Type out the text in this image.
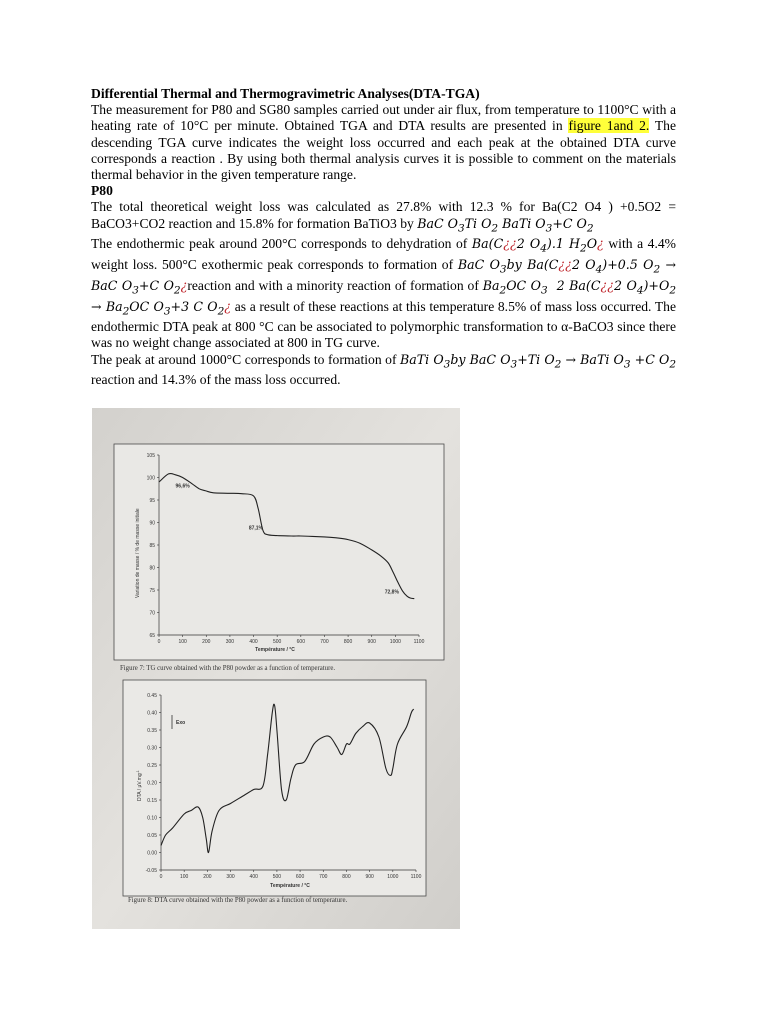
Differential Thermal and Thermogravimetric Analyses(DTA-TGA)

The measurement for P80 and SG80 samples carried out under air flux, from temperature to 1100°C with a heating rate of 10°C per minute. Obtained TGA and DTA results are presented in figure 1and 2. The descending TGA curve indicates the weight loss occurred and each peak at the obtained DTA curve corresponds a reaction . By using both thermal analysis curves it is possible to comment on the materials thermal behavior in the given temperature range.

P80

The total theoretical weight loss was calculated as 27.8% with 12.3 % for Ba(C2 O4 ) +0.5O2 = BaCO3+CO2 reaction and 15.8% for formation BaTiO3 by BaC $O_3Ti$ $O_2$ BaTi $O_3+C$ $O_2$

The endothermic peak around 200°C corresponds to dehydration of Ba(C¿¿2 $O_4).1$ $H_2O¿$ with a 4.4% weight loss. 500°C exothermic peak corresponds to formation of BaC $O_3by$ Ba(C¿¿2 $O_4)+0.5$ $O_2$ → BaC $O_3+C$ $O_2¿reaction$ and with a minority reaction of formation of $Ba_2OC$ $O_3$  2 Ba(C¿¿2 $O_4)+O_2 \to Ba_2OC$ $O_3+3$ C $O_2¿$ as a result of these reactions at this temperature 8.5% of mass loss occurred. The endothermic DTA peak at 800 °C can be associated to polymorphic transformation to α-BaCO3 since there was no weight change associated at 800 in TG curve.

The peak at around 1000°C corresponds to formation of BaTi $O_3by$ BaC $O_3+Ti$ $O_2$ → BaTi $O_3 +C$ $O_2$ reaction and 14.3% of the mass loss occurred.

105
100
95
90
85
80
75
70
65
0	100	200	300	400	500	600	700	800	900	1000	1100
96,6%
87,1%
72,8%
Variation de masse / % de masse initiale
Température / °C
Figure 7: TG curve obtained with the P80 powder as a function of temperature.
0.45
0.40
0.35
0.30
0.25
0.20
0.15
0.10
0.05
0.00
-0.05
0	100	200	300	400	500	600	700	800	900	1000 1100
DTA / $\mu V.mg^{-1}$
Température / °C
Exo
Figure 8: DTA curve obtained with the P80 powder as a function of temperature.
